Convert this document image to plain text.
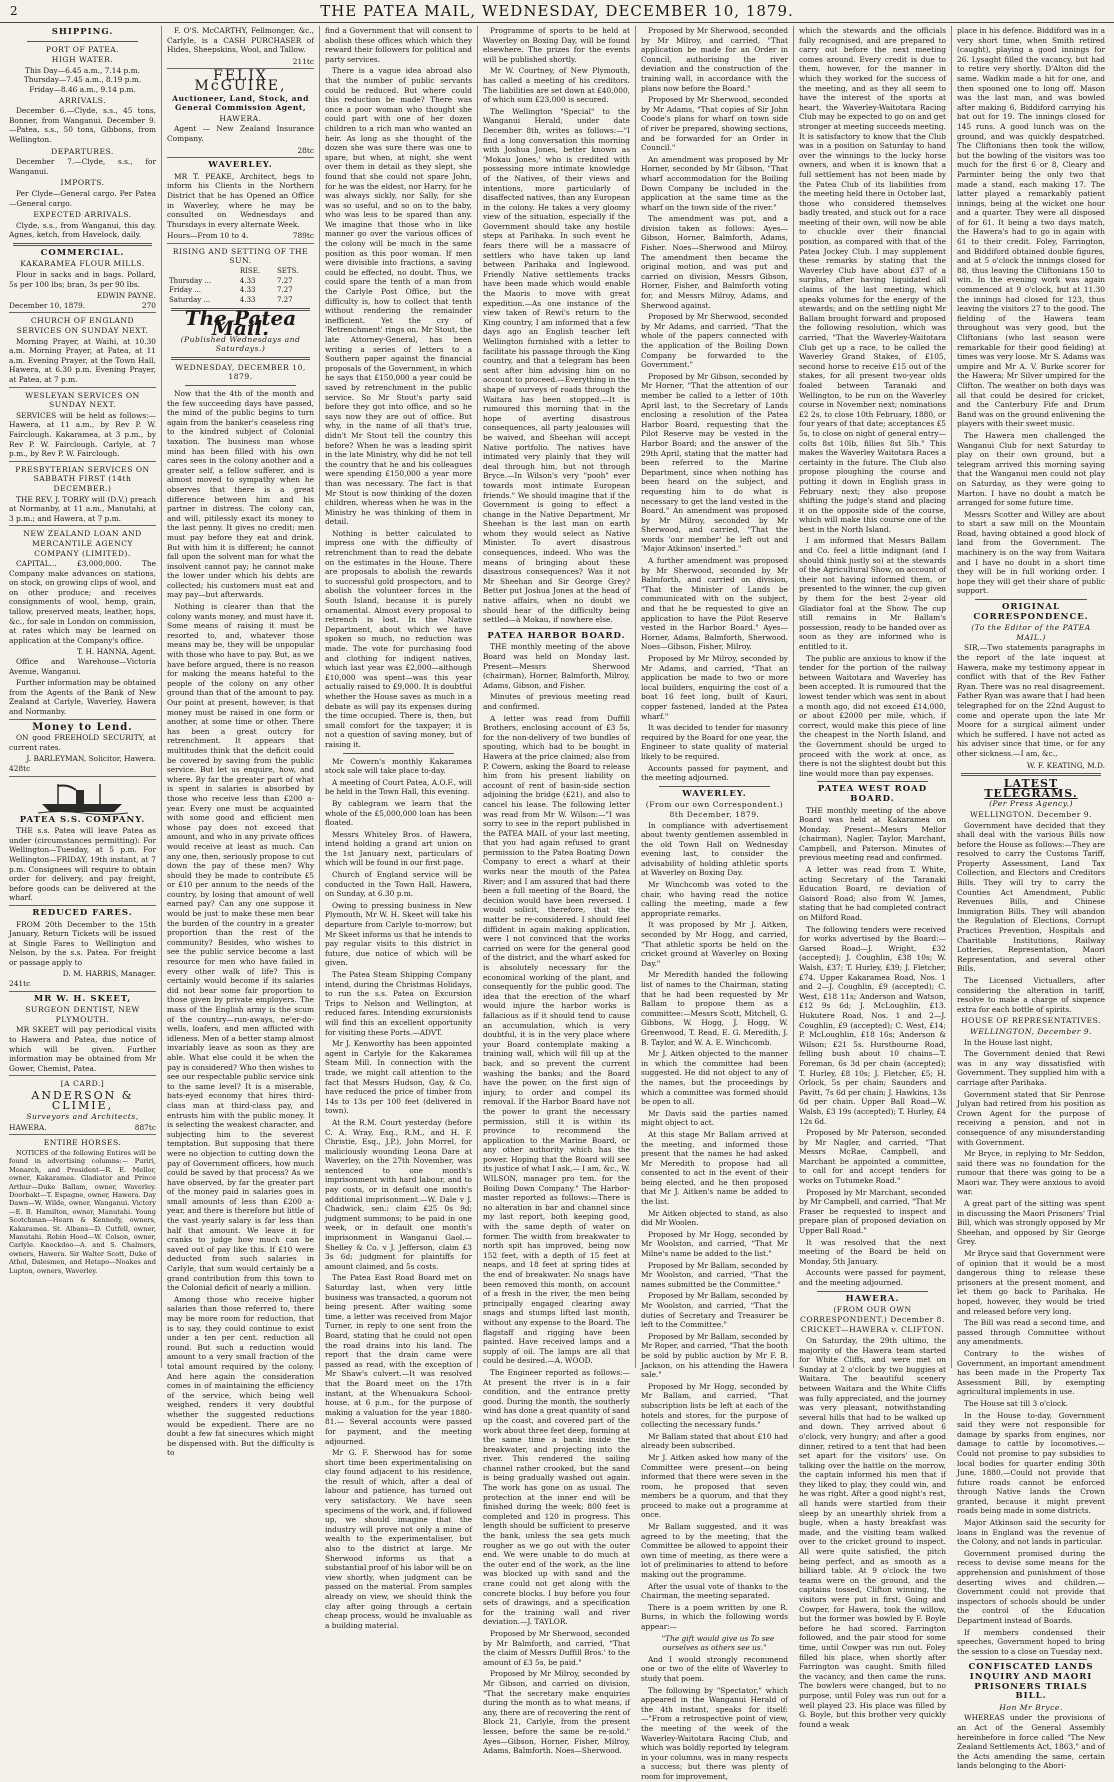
2	THE PATEA MAIL, WEDNESDAY, DECEMBER 10, 1879.
SHIPPING.
PORT OF PATEA.
HIGH WATER.
This Day—6.45 a.m., 7.14 p.m.
Thursday—7.45 a.m., 8.19 p.m.
Friday—8.46 a.m., 9.14 p.m.
ARRIVALS.

December 6.—Clyde, s.s., 45 tons, Bonner, from Wanganui. December 9.—Patea, s.s., 50 tons, Gibbons, from Wellington.

DEPARTURES.

December 7.—Clyde, s.s., for Wanganui.

IMPORTS.

Per Clyde—General cargo. Per Patea—General cargo.

EXPECTED ARRIVALS.

Clyde, s.s., from Wanganui, this day. Agnes, ketch, from Havelock, daily.

COMMERCIAL.
KAKARAMEA FLOUR MILLS.

Flour in sacks and in bags. Pollard, 5s per 100 lbs; bran, 3s per 90 lbs.

EDWIN PAYNE.
December 10, 1879.	270
CHURCH OF ENGLAND SERVICES ON SUNDAY NEXT.

Morning Prayer, at Waihi, at 10.30 a.m. Morning Prayer, at Patea, at 11 a.m. Evening Prayer, at the Town Hall, Hawera, at 6.30 p.m. Evening Prayer, at Patea, at 7 p.m.

WESLEYAN SERVICES ON SUNDAY NEXT.

SERVICES will be held as follows:— Hawera, at 11 a.m., by Rev P. W. Fairclough. Kakaramea, at 3 p.m., by Rev P. W. Fairclough. Carlyle, at 7 p.m., by Rev P. W. Fairclough.

PRESBYTERIAN SERVICES ON SABBATH FIRST (14th DECEMBER.)

THE REV. J. TORRY will (D.V.) preach at Normanby, at 11 a.m., Manutahi, at 3 p.m.; and Hawera, at 7 p.m.

NEW ZEALAND LOAN AND MERCANTILE AGENCY COMPANY (LIMITED).

CAPITAL... £3,000,000. The Company make advances on stations, on stock, on growing clips of wool, and on other produce; and receives consignments of wool, hemp, grain, tallow, preserved meats, leather, hops, &c., for sale in London on commission, at rates which may be learned on application at the Company's office.

T. H. HANNA, Agent.

Office and Warehouse—Victoria Avenue, Wanganui.

Further information may be obtained from the Agents of the Bank of New Zealand at Carlyle, Waverley, Hawera and Normanby.

Money to Lend.

ON good FREEHOLD SECURITY, at current rates.

J. BARLEYMAN, Solicitor, Hawera.
428tc
PATEA S.S. COMPANY.

THE s.s. Patea will leave Patea as under (circumstances permitting): For Wellington—Tuesday, at 5 p.m. For Wellington—FRIDAY, 19th instant, at 7 p.m. Consignees will require to obtain order for delivery, and pay freight, before goods can be delivered at the wharf.

REDUCED FARES.

FROM 20th December to the 15th January, Return Tickets will be issued at Single Fares to Wellington and Nelson, by the s.s. Patea. For freight or passage apply to

D. M. HARRIS, Manager.
241tc
MR W. H. SKEET,
SURGEON DENTIST, NEW PLYMOUTH.

MR SKEET will pay periodical visits to Hawera and Patea, due notice of which will be given. Further information may be obtained from Mr Gower, Chemist, Patea.

[A CARD.]
ANDERSON & CLIMIE,
Surveyors and Architects,
HAWERA.	887tc
ENTIRE HORSES.

NOTICES of the following Entires will be found in advertising columns:— Puriri, Monarch, and President—R. E. Mellor, owner, Kakaramea. Gladiator and Prince Arthur—Duke Ballam, owner, Waverley. Doorbakt—T. Espagne, owner, Hawera. Day Dawn—W. Wilde, owner, Wanganui. Victory—E. B. Hamilton, owner, Manutahi. Young Scotchman—Hearn & Kennedy, owners, Kakaramea. St. Albans—D. Cutfell, owner, Manutahi. Robin Hood—W. Colson, owner, Carlyle. Knockdoo—A. and S. Chalmers, owners, Hawera. Sir Walter Scott, Duke of Athol, Dalesmen, and Hetapo—Noakes and Lupton, owners, Waverley.

F. O'S. McCARTHY, Fellmonger, &c., Carlyle, is a CASH PURCHASER of Hides, Sheepskins, Wool, and Tallow.

211tc
FELIX McGUIRE,
Auctioneer, Land, Stock, and General Commission Agent,
HAWERA.

Agent — New Zealand Insurance Company.

28tc
WAVERLEY.

MR T. PEAKE, Architect, begs to inform his Clients in the Northern District that he has Opened an Office in Waverley, where he may be consulted on Wednesdays and Thursdays in every alternate Week.

Hours—From 10 to 4.	789tc
RISING AND SETTING OF THE SUN.
	RISE.	SETS.
Thursday ...	4.33	7.27
Friday ...	4.33	7.27
Saturday ...	4.33	7.27
The Patea Mail.
(Published Wednesdays and Saturdays.)
WEDNESDAY, DECEMBER 10, 1879.

Now that the 4th of the month and the few succeeding days have passed, the mind of the public begins to turn again from the banker's ceaseless ring to the kindred subject of Colonial taxation. The business man whose mind has been filled with his own cares sees in the colony another and a greater self, a fellow sufferer, and is almost moved to sympathy when he observes that there is a great difference between him and his partner in distress. The colony can, and will, pitilessly exact its money to the last penny. It gives no credit; men must pay before they eat and drink. But with him it is different; he cannot fall upon the solvent man for what the insolvent cannot pay; he cannot make the lower under which his debts are collected; his customers must eat and may pay—but afterwards.

Nothing is clearer than that the colony wants money, and must have it. Some means of raising it must be resorted to, and, whatever those means may be, they will be unpopular with those who have to pay. But, as we have before argued, there is no reason for making the means hateful to the people of the colony on any other ground than that of the amount to pay. Our point at present, however, is that money must be raised in one form or another, at some time or other. There has been a great outcry for retrenchment. It appears that multitudes think that the deficit could be covered by saving from the public service. But let us enquire, how, and where. By far the greater part of what is spent in salaries is absorbed by those who receive less than £200 a-year. Every one must be acquainted with some good and efficient men whose pay does not exceed that amount, and who in any private offices would receive at least as much. Can any one, then, seriously propose to cut down the pay of these men? Why should they be made to contribute £5 or £10 per annum to the needs of the country, by losing that amount of well earned pay? Can any one suppose it would be just to make these men bear the burden of the country in a greater proportion than the rest of the community? Besides, who wishes to see the public service become a last resource for men who have failed in every other walk of life? This is certainly would become if its salaries did not bear some fair proportion to those given by private employers. The mass of the English army is the scum of the country—run-aways, ne'er-do-wells, loafers, and men afflicted with idleness. Men of a better stamp almost invariably leave as soon as they are able. What else could it be when the pay is considered? Who then wishes to see our respectable public service sink to the same level? It is a miserable, bats-eyed economy that hires third-class man at third-class pay, and entrusts him with the public money. It is selecting the weakest character, and subjecting him to the severest temptation. But supposing that there were no objection to cutting down the pay of Government officers, how much could be saved by that process? As we have observed, by far the greater part of the money paid in salaries goes in small amounts of less than £200 a-year, and there is therefore but little of the vast yearly salary is far less than half that amount. We leave it for cranks to judge how much can be saved out of pay like this. If £10 were deducted from such salaries in Carlyle, that sum would certainly be a grand contribution from this town to the Colonial deficit of nearly a million.

Among those who receive higher salaries than those referred to, there may be more room for reduction, that is to say, they could continue to exist under a ten per cent. reduction all round. But such a reduction would amount to a very small fraction of the total amount required by the colony. And here again the consideration comes in of maintaining the efficiency of the service, which being well weighed, renders it very doubtful whether the suggested reductions would be expedient. There are no doubt a few fat sinecures which might be dispensed with. But the difficulty is to

find a Government that will consent to abolish these offices which which they reward their followers for political and party services.

There is a vague idea abroad also that the number of public servants could be reduced. But where could this reduction be made? There was once a poor woman who thought she could part with one of her dozen children to a rich man who wanted an heir. As long as she thought of the dozen she was sure there was one to spare, but when, at night, she went over them in detail as they slept, she found that she could not spare John, for he was the eldest, nor Harry, for he was always sickly, nor Sally, for she was so useful, and so on to the baby, who was less to be spared than any. We imagine that those who in like manner go over the various offices of the colony will be much in the same position as this poor woman. If men were divisible into fractions, a saving could be effected, no doubt. Thus, we could spare the tenth of a man from the Carlyle Post Office, but the difficulty is, how to collect that tenth without rendering the remainder inefficient. Yet the cry of 'Retrenchment' rings on. Mr Stout, the late Attorney-General, has been writing a series of letters to a Southern paper against the financial proposals of the Government, in which he says that £150,000 a year could be saved by retrenchment in the public service. So Mr Stout's party said before they got into office, and so he says now they are out of office. But why, in the name of all that's true, didn't Mr Stout tell the country this before? When he was a leading spirit in the late Ministry, why did he not tell the country that he and his colleagues were spending £150,000 a year more than was necessary. The fact is that Mr Stout is now thinking of the dozen children, whereas when he was in the Ministry he was thinking of them in detail.

Nothing is better calculated to impress one with the difficulty of retrenchment than to read the debate on the estimates in the House. There are proposals to abolish the rewards to successful gold prospectors, and to abolish the volunteer forces in the South Island, because it is purely ornamental. Almost every proposal to retrench is lost. In the Native Department, about which we have spoken so much, no reduction was made. The vote for purchasing food and clothing for indigent natives, which last year was £2,000—although £10,000 was spent—was this year actually raised to £9,000. It is doubtful whether the House saves as much in a debate as will pay its expenses during the time occupied. There is, then, but small comfort for the taxpayer; it is not a question of saving money, but of raising it.

Mr Cowern's monthly Kakaramea stock sale will take place to-day.

A meeting of Court Patea, A.O.F., will be held in the Town Hall, this evening.

By cablegram we learn that the whole of the £5,000,000 loan has been floated.

Messrs Whiteley Bros. of Hawera, intend holding a grand art union on the 1st January next, particulars of which will be found in our first page.

Church of England service will be conducted in the Town Hall, Hawera, on Sunday, at 6.30 p.m.

Owing to pressing business in New Plymouth, Mr W. H. Skeet will take his departure from Carlyle to-morrow; but Mr Skeet informs us that he intends to pay regular visits to this district in future, due notice of which will be given.

The Patea Steam Shipping Company intend, during the Christmas Holidays, to run the s.s. Patea on Excursion Trips to Nelson and Wellington, at reduced fares. Intending excursionists will find this an excellent opportunity for visiting these Ports.—ADVT.

Mr J. Kenworthy has been appointed agent in Carlyle for the Kakaramea Steam Mill. In connection with the trade, we might call attention to the fact that Messrs Hudson, Gay, & Co. have reduced the price of timber from 14s to 13s per 100 feet (delivered in town).

At the R.M. Court yesterday (before C. A. Wray, Esq., R.M., and H. F. Christie, Esq., J.P.), John Morrel, for maliciously wounding Leona Dare at Waverley, on the 27th November, was sentenced to one month's imprisonment with hard labour, and to pay costs, or in default one month's additional imprisonment.—W. Dale v J. Chadwick, sen.: claim £25 0s 9d; judgment summons; to be paid in one week, or in default one month's imprisonment in Wanganui Gaol.—Shelley & Co. v J. Jefferson, claim £3 3s 6d; judgment for plaintiffs for amount claimed, and 5s costs.

The Patea East Road Board met on Saturday last, when very little business was transacted, a quorum not being present. After waiting some time, a letter was received from Major Turner, in reply to one sent from the Board, stating that he could not open the road drains into his land. The report that the drain came were passed as read, with the exception of Mr Shaw's culvert.—It was resolved that the Board meet on the 17th instant, at the Whenuakura School-house, at 6 p.m., for the purpose of making a valuation for the year 1880-81.— Several accounts were passed for payment, and the meeting adjourned.

Mr G. F. Sherwood has for some short time been experimentalising on clay found adjacent to his residence, the result of which, after a deal of labour and patience, has turned out very satisfactory. We have seen specimens of the work, and, if followed up, we should imagine that the industry will prove not only a mine of wealth to the experimentaliser, but also to the district at large. Mr Sherwood informs us that a substantial proof of his labor will be on view shortly, when judgment can be passed on the material. From samples already on view, we should think the clay after going through a certain cheap process, would be invaluable as a building material.

Programme of sports to be held at Waverley on Boxing Day, will be found elsewhere. The prizes for the events will be published shortly.

Mr W. Courtney, of New Plymouth, has called a meeting of his creditors. The liabilities are set down at £40,000, of which sum £23,000 is secured.

The Wellington "Special" to the Wanganui Herald, under date December 8th, writes as follows:—"I find a long conversation this morning with Joshua Jones, better known as 'Mokau Jones,' who is credited with possessing more intimate knowledge of the Natives, of their views and intentions, more particularly of disaffected natives, than any European in the colony. He takes a very gloomy view of the situation, especially if the Government should take any hostile steps at Parihaka. In such event he fears there will be a massacre of settlers who have taken up land between Parihaka and Inglewood. Friendly Native settlements tracks have been made which would enable the Maoris to move with great expedition.—As one instance of the view taken of Rewi's return to the King country, I am informed that a few days ago an English teacher left Wellington furnished with a letter to facilitate his passage through the King country, and that a telegram has been sent after him advising him on no account to proceed.—Everything in the shape of surveys of roads through the Waitara has been stopped.—It is rumoured this morning that in the hope of averting disastrous consequences, all party jealousies will be waived, and Sheehan will accept Native portfolio. The natives have intimated very plainly that they will deal through him, but not through Bryce.—In Wilson's very "pooh" ever towards most intimate European friends." We should imagine that if the Government is going to effect a change in the Native Department, Mr Sheehan is the last man on earth whom they would select as Native Minister. To avert disastrous consequences, indeed. Who was the means of bringing about these disastrous consequences? Was it not Mr Sheehan and Sir George Grey? Better put Joshua Jones at the head of native affairs, when no doubt we should hear of the difficulty being settled—à Mokau, if nowhere else.

PATEA HARBOR BOARD.

THE monthly meeting of the above Board was held on Monday last. Present—Messrs Sherwood (chairman), Horner, Balmforth, Milroy, Adams, Gibson, and Fisher.

Minutes of previous meeting read and confirmed.

A letter was read from Duffill Brothers, enclosing account of £3 5s, for the non-delivery of two bundles of spouting, which had to be bought in Hawera at the price claimed; also from P. Cowern, asking the Board to release him from his present liability on account of rent of basin-side section adjoining the bridge (£21), and also to cancel his lease. The following letter was read from Mr W. Wilson:—"I was sorry to see in the report published in the PATEA MAIL of your last meeting, that you had again refused to grant permission to the Patea Boating Down Company to erect a wharf at their works near the mouth of the Patea River; and I am assured that had there been a full meeting of the Board, the decision would have been reversed. I would solicit, therefore, that the matter be re-considered. I should feel diffident in again making application, were I not convinced that the works carried on were for the general good of the district, and the wharf asked for is absolutely necessary for the economical working of the plant, and consequently for the public good. The idea that the erection of the wharf would injure the harbor works is fallacious as if it should tend to cause an accumulation, which is very doubtful, it is in the very place where your Board contemplate making a training wall, which will fill up at the back, and so prevent the current washing the banks; and the Board have the power, on the first sign of injury, to order and compel its removal. If the Harbor Board have not the power to grant the necessary permission, still it is within its province to recommend the application to the Marine Board, or any other authority which has the power. Hoping that the Board will see its justice of what I ask,— I am, &c., W. WILSON, manager pro tem. for the Boiling Down Company." The Harbor-master reported as follows:—There is no alteration in bar and channel since my last report, both keeping good, with the same depth of water on former. The width from breakwater to north spit has improved, being now 152 feet, with a depth of 15 feet at neaps, and 18 feet at spring tides at the end of breakwater. No snags have been removed this month, on account of a fresh in the river, the men being principally engaged clearing away snags and stumps lifted last month, without any expense to the Board. The flagstaff and rigging have been painted. Have received lamps and a supply of oil. The lamps are all that could be desired.—A. WOOD.

The Engineer reported as follows:—At present the river is in a fair condition, and the entrance pretty good. During the month, the southerly wind has done a great quantity of sand up the coast, and covered part of the work about three feet deep, forming at the same time a bank inside the breakwater, and projecting into the river. This rendered the sailing channel rather crooked, but the sand is being gradually washed out again. The work has gone on as usual. The protection at the inner end will be finished during the week; 800 feet is completed and 120 in progress. This length should be sufficient to preserve the bank, unless the sea gets much rougher as we go out with the outer end. We were unable to do much at the outer end of the work, as the line was blocked up with sand and the crane could not get along with the concrete blocks. I buy before you four sets of drawings, and a specification for the training wall and river deviation.—J. TAYLOR.

Proposed by Mr Sherwood, seconded by Mr Balmforth, and carried, "That the claim of Messrs Duffill Bros.' to the amount of £3 5s, be paid."

Proposed by Mr Milroy, seconded by Mr Gibson, and carried on division, "That the secretary make enquiries during the month as to what means, if any, there are of recovering the rent of Block 21, Carlyle, from the present lessee, before the same be re-sold." Ayes—Gibson, Horner, Fisher, Milroy, Adams, Balmforth. Noes—Sherwood.

Proposed by Mr Sherwood, seconded by Mr Milroy, and carried, "That application be made for an Order in Council, authorising the river deviation and the construction of the training wall, in accordance with the plans now before the Board."

Proposed by Mr Sherwood, seconded by Mr Adams, "That copies of Sir John Coode's plans for wharf on town side of river be prepared, showing sections, and be forwarded for an Order in Council."

An amendment was proposed by Mr Horner, seconded by Mr Gibson, "That wharf accommodation for the Boiling Down Company be included in the application at the same time as the wharf on the town side of the river."

The amendment was put, and a division taken as follows: Ayes—Gibson, Horner, Balmforth, Adams, Fisher. Noes—Sherwood and Milroy. The amendment then became the original motion, and was put and carried on division, Messrs Gibson, Horner, Fisher, and Balmforth voting for, and Messrs Milroy, Adams, and Sherwood against.

Proposed by Mr Sherwood, seconded by Mr Adams, and carried, "That the whole of the papers connected with the application of the Boiling Down Company be forwarded to the Government."

Proposed by Mr Gibson, seconded by Mr Horner, "That the attention of our member be called to a letter of 10th April last, to the Secretary of Lands enclosing a resolution of the Patea Harbor Board, requesting that the Pilot Reserve may be vested in the Harbor Board; and the answer of the 29th April, stating that the matter had been referred to the Marine Department, since when nothing has been heard on the subject, and requesting him to do what is necessary to get the land vested in the Board." An amendment was proposed by Mr Milroy, seconded by Mr Sherwood, and carried, "That the words 'our member' be left out and 'Major Atkinson' inserted."

A further amendment was proposed by Mr Sherwood, seconded by Mr Balmforth, and carried on division, "That the Minister of Lands be communicated with on the subject, and that he be requested to give an application to have the Pilot Reserve vested in the Harbor Board." Ayes—Horner, Adams, Balmforth, Sherwood. Noes—Gibson, Fisher, Milroy.

Proposed by Mr Milroy, seconded by Mr Adams, and carried, "That an application be made to two or more local builders, enquiring the cost of a boat 16 feet long, built of Kauri, copper fastened, landed at the Patea wharf."

It was decided to tender for masonry required by the Board for one year, the Engineer to state quality of material likely to be required.

Accounts passed for payment, and the meeting adjourned.

WAVERLEY.
(From our own Correspondent.) 8th December, 1879.

In compliance with advertisement about twenty gentlemen assembled in the old Town Hall on Wednesday evening last, to consider the advisability of holding athletic sports at Waverley on Boxing Day.

Mr Winchcomb was voted to the chair, who having read the notice calling the meeting, made a few appropriate remarks.

It was proposed by Mr J. Aitken, seconded by Mr Hogg, and carried, "That athletic sports be held on the cricket ground at Waverley on Boxing Day."

Mr Meredith handed the following list of names to the Chairman, stating that he had been requested by Mr Ballam to propose them as a committee:—Messrs Scott, Mitchell, G. Gibbons, W. Hogg, J. Hogg, W. Greenwood, T. Read, E. G. Meredith, J. B. Taylor, and W. A. E. Winchcomb.

Mr J. Aitken objected to the manner in which the committee had been suggested. He did not object to any of the names, but the proceedings by which a committee was formed should be open to all.

Mr Davis said the parties named might object to act.

At this stage Mr Ballam arrived at the meeting, and informed those present that the names he had asked Mr Meredith to propose had all consented to act in the event of their being elected, and he then proposed that Mr J. Aitken's name be added to the list.

Mr Aitken objected to stand, as also did Mr Woolen.

Proposed by Mr Hogg, seconded by Mr Woolston, and carried, "That Mr Milne's name be added to the list."

Proposed by Mr Ballam, seconded by Mr Woolston, and carried, "That the names submitted be the Committee."

Proposed by Mr Ballam, seconded by Mr Woolston, and carried, "That the duties of Secretary and Treasurer be left to the Committee."

Proposed by Mr Ballam, seconded by Mr Roper, and carried, "That the booth be sold by public auction by Mr F. B. Jackson, on his attending the Hawera sale."

Proposed by Mr Hogg, seconded by Mr Ballam, and carried, "That subscription lists be left at each of the hotels and stores, for the purpose of collecting the necessary funds."

Mr Ballam stated that about £10 had already been subscribed.

Mr J. Aitken asked how many of the Committee were present—on being informed that there were seven in the room, he proposed that seven members be a quorum, and that they proceed to make out a programme at once.

Mr Ballam suggested, and it was agreed to by the meeting, that the Committee be allowed to appoint their own time of meeting, as there were a lot of preliminaries to attend to before making out the programme.

After the usual vote of thanks to the Chairman, the meeting separated.

There is a poem written by one R. Burns, in which the following words appear:—

"The gift would give us To see ourselves as others see us."

And I would strongly recommend one or two of the elite of Waverley to study that poem.

The following by "Spectator," which appeared in the Wanganui Herald of the 4th instant, speaks for itself:—"From a retrospective point of view, the meeting of the week of the Waverley-Waitotara Racing Club, and which was boldly reported by telegram in your columns, was in many respects a success; but there was plenty of room for improvement,

which the stewards and the officials fully recognised, and are prepared to carry out before the next meeting comes around. Every credit is due to them, however, for the manner in which they worked for the success of the meeting, and as they all seem to have the interest of the sports at heart, the Waverley-Waitotara Racing Club may be expected to go on and get stronger at meeting succeeds meeting. It is satisfactory to know that the Club was in a position on Saturday to hand over the winnings to the lucky horse owners, and when it is known that a full settlement has not been made by the Patea Club of its liabilities from the meeting held there in October last, those who considered themselves badly treated, and stuck out for a race meeting of their own, will now be able to chuckle over their financial position, as compared with that of the Patea Jockey Club. I may supplement these remarks by stating that the Waverley Club have about £37 of a surplus, after having liquidated all claims of the last meeting, which speaks volumes for the energy of the stewards; and on the settling night Mr Ballam brought forward and proposed the following resolution, which was carried, "That the Waverley-Waitotara Club get up a race, to be called the Waverley Grand Stakes, of £105, second horse to receive £15 out of the stakes, for all present two-year olds foaled between Taranaki and Wellington, to be run on the Waverley course in November next; nominations £2 2s, to close 10th February, 1880, or four years of that date; acceptances £5 5s, to close on night of general entry—colts 8st 10lb, fillies 8st 5lb." This makes the Waverley Waitotara Races a certainty in the future. The Club also propose ploughing the course and putting it down in English grass in February next; they also propose shifting the judge's stand and placing it on the opposite side of the course, which will make this course one of the best in the North Island.

I am informed that Messrs Ballam and Co. feel a little indignant (and I should think justly so) at the stewards of the Agricultural Show, on account of their not having informed them, or presented to the winner, the cup given by them for the best 2-year old Gladiator foal at the Show. The cup still remains in Mr Ballam's possession, ready to be handed over as soon as they are informed who is entitled to it.

The public are anxious to know if the tender for the portion of the railway between Waitotara and Waverley has been accepted. It is rumoured that the lowest tender which was sent in about a month ago, did not exceed £14,000, or about £2000 per mile, which, if correct, would make this piece of line the cheapest in the North Island, and the Government should be urged to proceed with the work at once, as there is not the slightest doubt but this line would more than pay expenses.

PATEA WEST ROAD BOARD.

THE monthly meeting of the above Board was held at Kakaramea on Monday. Present—Messrs Mellor (chairman), Nagler, Taylor, Marchant, Campbell, and Paterson. Minutes of previous meeting read and confirmed.

A letter was read from T. White, acting Secretary of the Taranaki Education Board, re deviation of Gaisord Road; also from W. James, stating that he had completed contract on Milford Road.

The following tenders were received for works advertised by the Board:— Garsed Road—J. Wright, £32 (accepted); J. Coughlin, £38 10s; W. Walsh, £37; T. Hurley, £39; J. Fletcher, £74. Upper Kakaramea Road, Nos. 1 and 2—J. Coughlin, £9 (accepted); C. West, £18 11s; Anderson and Watson, £12 9s 6d; J. McLoughlin, £13. Hukutere Road, Nos. 1 and 2—J. Coughlin, £9 (accepted); C. West, £14; P. McLoughlin, £18 16s; Anderson & Wilson; £21 5s. Hurstbourne Road, felling bush about 10 chains—T. Foreman, 6s 3d per chain (accepted); T. Hurley, £8 10s; J. Fletcher, £5; H. Orlock, 5s per chain; Saunders and Pavitt, 7s 6d per chain; J. Hawkins, 13s 6d per chain. Upper Ball Road—W. Walsh, £3 19s (accepted); T. Hurley, £4 12s 6d.

Proposed by Mr Paterson, seconded by Mr Nagler, and carried, "That Messrs McRae, Campbell, and Marchant be appointed a committee, to call for and accept tenders for works on Tutumeke Road."

Proposed by Mr Marchant, seconded by Mr Campbell, and carried, "That Mr Fraser be requested to inspect and prepare plan of proposed deviation on Upper Ball Road."

It was resolved that the next meeting of the Board be held on Monday, 5th January.

Accounts were passed for payment, and the meeting adjourned.

HAWERA.
(FROM OUR OWN CORRESPONDENT.) December 8.
CRICKET—HAWERA v. CLIFTON.

On Saturday, the 29th ultimo, the majority of the Hawera team started for White Cliffs, and were met on Sunday at 2 o'clock by two buggies at Waitara. The beautiful scenery between Waitara and the White Cliffs was fully appreciated, and the journey was very pleasant, notwithstanding several hills that had to be walked up and down. They arrived about 6 o'clock, very hungry; and after a good dinner, retired to a tent that had been set apart for the visitors' use. On talking over the battle on the morrow, the captain informed his men that if they liked to play, they could win, and he was right. After a good night's rest, all hands were startled from their sleep by an unearthly shriek from a bugle, when a hasty breakfast was made, and the visiting team walked over to the cricket ground to inspect. All were quite satisfied, the pitch being perfect, and as smooth as a billiard table. At 9 o'clock the two teams were on the ground, and the captains tossed, Clifton winning, the visitors were put in first. Going and Cowper, for Hawera, took the willow, but the former was bowled by F. Boyle before he had scored. Farrington followed, and the pair stood for some time, until Cowper was run out. Foley filled his place, when shortly after Farrington was caught. Smith filled the vacancy, and then came the runs. The bowlers were changed, but to no purpose, until Foley was run out for a well played 23. His place was filled by G. Boyle, but this brother very quickly found a weak

place in his defence. Biddiford was in a very short time, when Smith retired (caught), playing a good innings for 26. Lysaght filled the vacancy, but had to retire very shortly. D'Alton did the same. Wadkin made a hit for one, and then spooned one to long off. Mason was the last man, and was bowled after making 6, Biddiford carrying his bat out for 19. The innings closed for 145 runs. A good lunch was on the ground, and was quickly despatched. The Cliftonians then took the willow, but the bowling of the visitors was too much for the first 6 or 8, Cleary and Parminter being the only two that made a stand, each making 17. The latter played a remarkably patient innings, being at the wicket one hour and a quarter. They were all disposed of for 61. It being a two days match, the Hawera's had to go in again with 61 to their credit. Foley, Farrington, and Biddiford obtained double figures, and at 5 o'clock the innings closed for 88, thus leaving the Cliftonians 150 to win. In the evening work was again commenced at 9 o'clock, but at 11.30 the innings had closed for 123, thus leaving the visitors 27 to the good. The fielding of the Hawera team throughout was very good, but the Cliftonians (who last season were remarkable for their good fielding) at times was very loose. Mr S. Adams was umpire and Mr A. V. Burke scorer for the Hawera; Mr Silver umpired for the Clifton. The weather on both days was all that could be desired for cricket, and the Canterbury Fife and Drum Band was on the ground enlivening the players with their sweet music.

The Hawera men challenged the Wanganui Club for next Saturday to play on their own ground, but a telegram arrived this morning saying that the Wanganui men could not play on Saturday, as they were going to Marton. I have no doubt a match be arranged for some future time.

Messrs Scotter and Willey are about to start a saw mill on the Mountain Road, having obtained a good block of land from the Government. The machinery is on the way from Waitara and I have no doubt in a short time they will be in full working order. I hope they will get their share of public support.

ORIGINAL CORRESPONDENCE.
(To the Editor of the PATEA MAIL.)

SIR,—Two statements paragraphs in the report of the late inquest at Hawera, make my testimony appear in conflict with that of the Rev Father Ryan. There was no real disagreement. Father Ryan was aware that I had been telegraphed for on the 22nd August to come and operate upon the late Mr Moore for a surgical ailment under which he suffered. I have not acted as his adviser since that time, or for any other sickness.—I am, &c.,

W. F. KEATING, M.D.
LATEST TELEGRAMS.
(Per Press Agency.)
WELLINGTON. December 9.

Government have decided that they shall deal with the various Bills now before the House as follows:—They are resolved to carry the Customs Tariff, Property Assessment, Land Tax Collection, and Electors and Creditors Bills. They will try to carry the Counties Act Amendment, Public Revenues Bills, and Chinese Immigration Bills. They will abandon the Regulation of Elections, Corrupt Practices Prevention, Hospitals and Charitable Institutions, Railway Lotteries, Representation, Maori Representation, and several other Bills.

The Licensed Victuallers, after considering the alteration in tariff, resolve to make a charge of sixpence extra for each bottle of spirits.

HOUSE OF REPRESENTATIVES.
WELLINGTON, December 9.

In the House last night,

The Government denied that Rewi was in any way dissatisfied with Government. They supplied him with a carriage after Parihaka.

Government stated that Sir Penrose Julyan had retired from his position as Crown Agent for the purpose of receiving a pension, and not in consequence of any misunderstanding with Government.

Mr Bryce, in replying to Mr Seddon, said there was no foundation for the rumour that there was going to be a Maori war. They were anxious to avoid war.

A great part of the sitting was spent in discussing the Maori Prisoners' Trial Bill, which was strongly opposed by Mr Sheehan, and opposed by Sir George Grey.

Mr Bryce said that Government were of opinion that it would be a most dangerous thing to release these prisoners at the present moment, and let them go back to Parihaka. He hoped, however, they would be tried and released before very long.

The Bill was read a second time, and passed through Committee without any amendments.

Contrary to the wishes of Government, an important amendment has been made in the Property Tax Assessment Bill, by exempting agricultural implements in use.

The House sat till 3 o'clock.

In the House to-day, Government said they were not responsible for damage by sparks from engines, nor damage to cattle by locomotives.—Could not promise to pay subsidies to local bodies for quarter ending 30th June, 1880.—Could not provide that future roads cannot be enforced through Native lands the Crown granted, because it might prevent roads being made in some districts.

Major Atkinson said the security for loans in England was the revenue of the Colony, and not lands in particular.

Government promised during the recess to devise some means for the apprehension and punishment of those deserting wives and children.—Government could not provide that inspectors of schools should be under the control of the Education Department instead of Boards.

If members condensed their speeches, Government hoped to bring the session to a close on Tuesday next.

CONFISCATED LANDS INQUIRY AND MAORI PRISONERS TRIALS BILL.
Hon Mr Bryce.

WHEREAS under the provisions of an Act of the General Assembly hereinbefore in force called "The New Zealand Settlements Act, 1863," and of the Acts amending the same, certain lands belonging to the Abori-
